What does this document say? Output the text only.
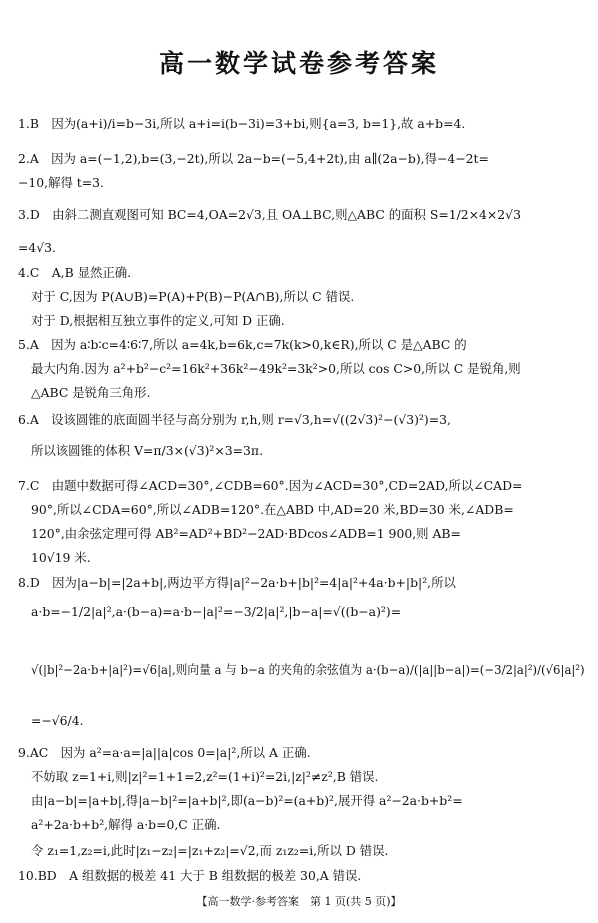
高一数学试卷参考答案
1.B　因为(a+i)/i=b−3i,所以 a+i=i(b−3i)=3+bi,则{a=3, b=1},故 a+b=4.
2.A　因为 a=(−1,2),b=(3,−2t),所以 2a−b=(−5,4+2t),由 a∥(2a−b),得−4−2t=
−10,解得 t=3.
3.D　由斜二测直观图可知 BC=4,OA=2√3,且 OA⊥BC,则△ABC 的面积 S=1/2×4×2√3
=4√3.
4.C　A,B 显然正确.
对于 C,因为 P(A∪B)=P(A)+P(B)−P(A∩B),所以 C 错误.
对于 D,根据相互独立事件的定义,可知 D 正确.
5.A　因为 a∶b∶c=4∶6∶7,所以 a=4k,b=6k,c=7k(k>0,k∈R),所以 C 是△ABC 的
最大内角.因为 a²+b²−c²=16k²+36k²−49k²=3k²>0,所以 cos C>0,所以 C 是锐角,则
△ABC 是锐角三角形.
6.A　设该圆锥的底面圆半径与高分别为 r,h,则 r=√3,h=√((2√3)²−(√3)²)=3,
所以该圆锥的体积 V=π/3×(√3)²×3=3π.
7.C　由题中数据可得∠ACD=30°,∠CDB=60°.因为∠ACD=30°,CD=2AD,所以∠CAD=
90°,所以∠CDA=60°,所以∠ADB=120°.在△ABD 中,AD=20 米,BD=30 米,∠ADB=
120°,由余弦定理可得 AB²=AD²+BD²−2AD·BDcos∠ADB=1 900,则 AB=
10√19 米.
8.D　因为|a−b|=|2a+b|,两边平方得|a|²−2a·b+|b|²=4|a|²+4a·b+|b|²,所以
a·b=−1/2|a|²,a·(b−a)=a·b−|a|²=−3/2|a|²,|b−a|=√((b−a)²)=
√(|b|²−2a·b+|a|²)=√6|a|,则向量 a 与 b−a 的夹角的余弦值为 a·(b−a)/(|a||b−a|)=(−3/2|a|²)/(√6|a|²)
=−√6/4.
9.AC　因为 a²=a·a=|a||a|cos 0=|a|²,所以 A 正确.
不妨取 z=1+i,则|z|²=1+1=2,z²=(1+i)²=2i,|z|²≠z²,B 错误.
由|a−b|=|a+b|,得|a−b|²=|a+b|²,即(a−b)²=(a+b)²,展开得 a²−2a·b+b²=
a²+2a·b+b²,解得 a·b=0,C 正确.
令 z₁=1,z₂=i,此时|z₁−z₂|=|z₁+z₂|=√2,而 z₁z₂=i,所以 D 错误.
10.BD　A 组数据的极差 41 大于 B 组数据的极差 30,A 错误.
【高一数学·参考答案　第 1 页(共 5 页)】
